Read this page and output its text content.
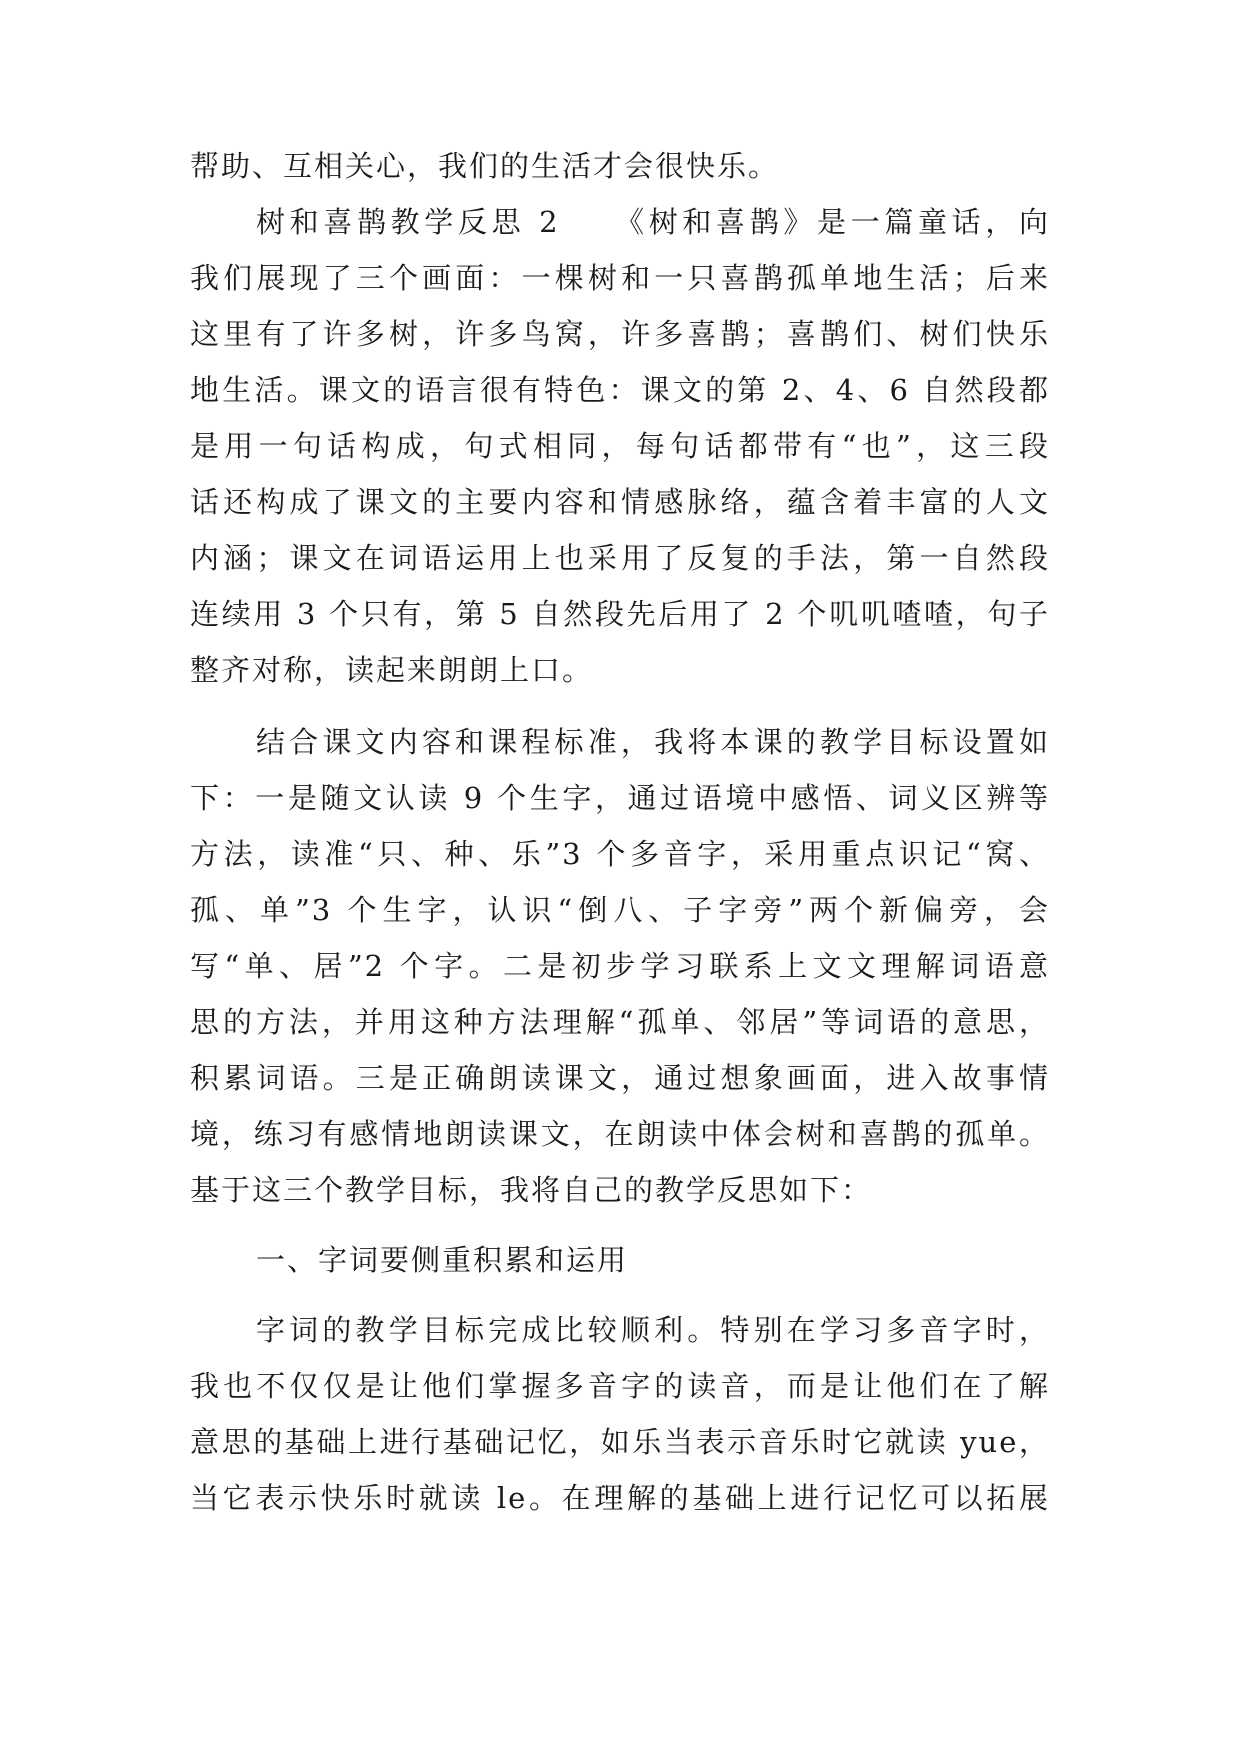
帮助、互相关心，我们的生活才会很快乐。
树和喜鹊教学反思 2　　《树和喜鹊》是一篇童话，向
我们展现了三个画面：一棵树和一只喜鹊孤单地生活；后来
这里有了许多树，许多鸟窝，许多喜鹊；喜鹊们、树们快乐
地生活。课文的语言很有特色：课文的第 2、4、6 自然段都
是用一句话构成，句式相同，每句话都带有“也”，这三段
话还构成了课文的主要内容和情感脉络，蕴含着丰富的人文
内涵；课文在词语运用上也采用了反复的手法，第一自然段
连续用 3 个只有，第 5 自然段先后用了 2 个叽叽喳喳，句子
整齐对称，读起来朗朗上口。
结合课文内容和课程标准，我将本课的教学目标设置如
下：一是随文认读 9 个生字，通过语境中感悟、词义区辨等
方法，读准“只、种、乐”3 个多音字，采用重点识记“窝、
孤、单”3 个生字，认识“倒八、子字旁”两个新偏旁，会
写“单、居”2 个字。二是初步学习联系上文文理解词语意
思的方法，并用这种方法理解“孤单、邻居”等词语的意思，
积累词语。三是正确朗读课文，通过想象画面，进入故事情
境，练习有感情地朗读课文，在朗读中体会树和喜鹊的孤单。
基于这三个教学目标，我将自己的教学反思如下：
一、字词要侧重积累和运用
字词的教学目标完成比较顺利。特别在学习多音字时，
我也不仅仅是让他们掌握多音字的读音，而是让他们在了解
意思的基础上进行基础记忆，如乐当表示音乐时它就读 yue，
当它表示快乐时就读 le。在理解的基础上进行记忆可以拓展
